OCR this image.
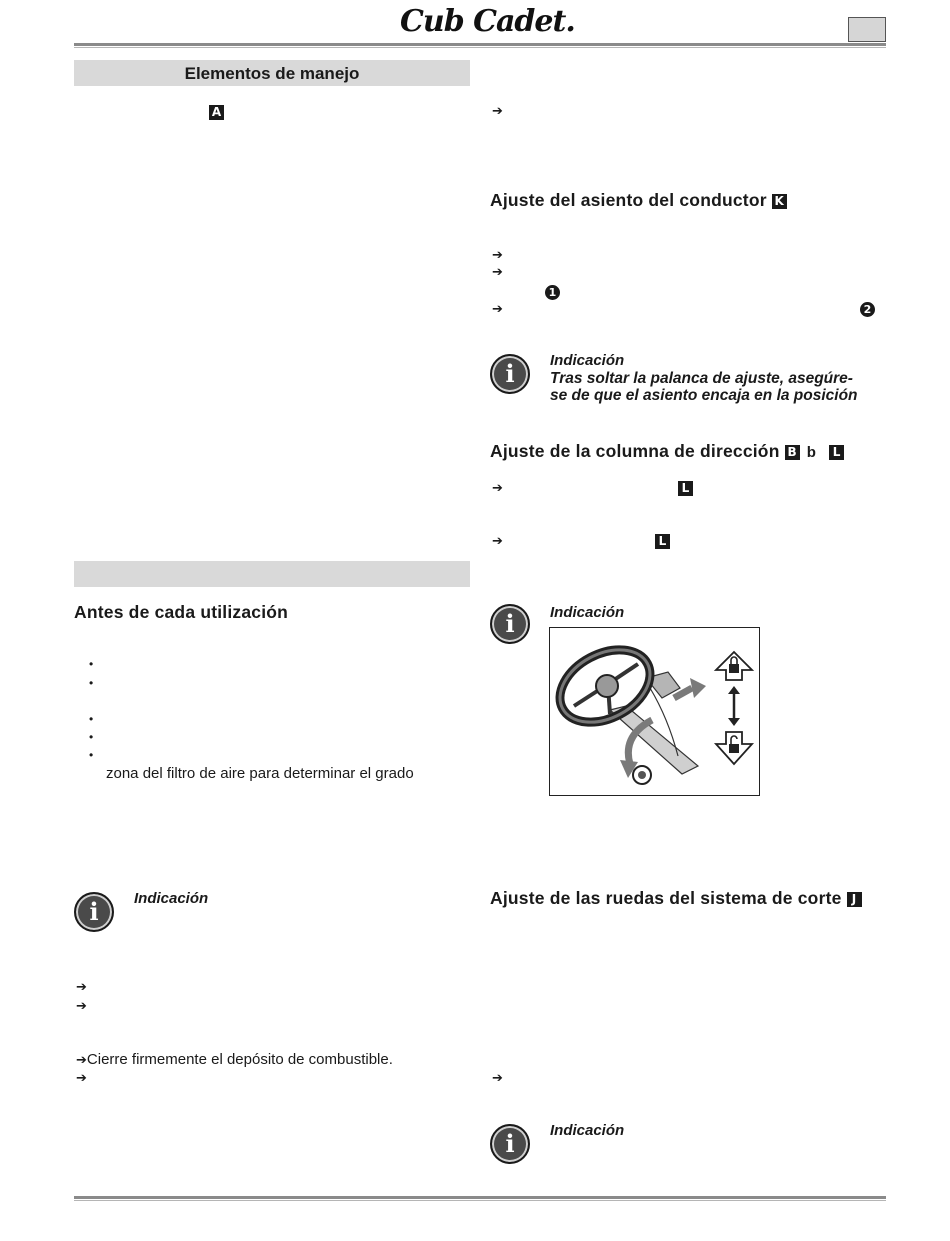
Cub Cadet.
Elementos de manejo
A
Antes de cada utilización
•
•
•
•
•
zona del filtro de aire para determinar el grado
i	Indicación
➔
➔
➔Cierre firmemente el depósito de combustible.
➔
➔
Ajuste del asiento del conductor K
➔
➔
1
➔	2
i	Indicación
Tras soltar la palanca de ajuste, asegúre-
se de que el asiento encaja en la posición
Ajuste de la columna de dirección B b L
➔	L
➔	L
i	Indicación
Ajuste de las ruedas del sistema de corte J
➔
i	Indicación
